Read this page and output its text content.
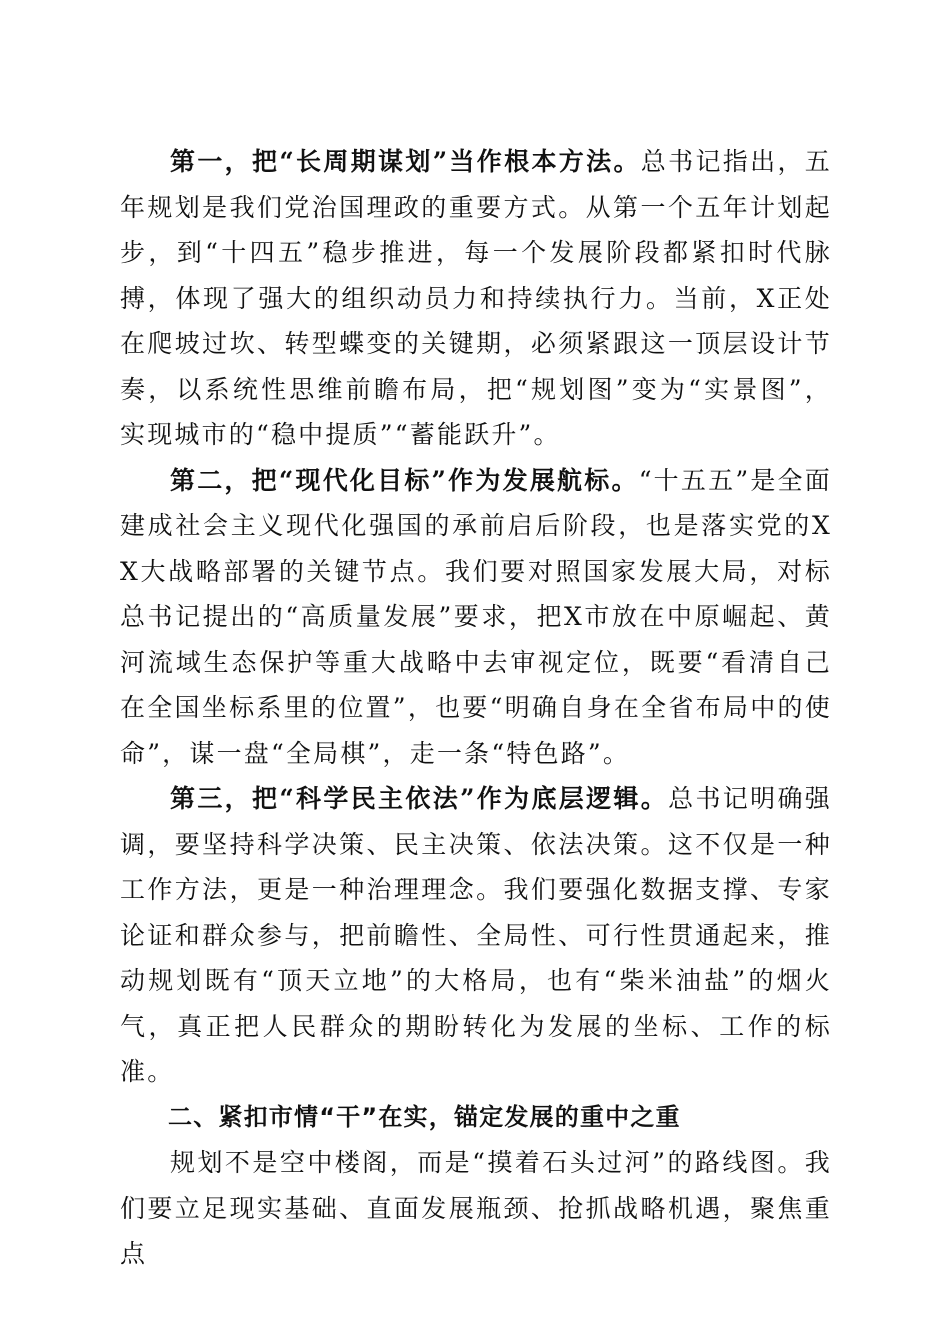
第一，把“长周期谋划”当作根本方法。总书记指出，五年规划是我们党治国理政的重要方式。从第一个五年计划起步，到“十四五”稳步推进，每一个发展阶段都紧扣时代脉搏，体现了强大的组织动员力和持续执行力。当前，X正处在爬坡过坎、转型蝶变的关键期，必须紧跟这一顶层设计节奏，以系统性思维前瞻布局，把“规划图”变为“实景图”，实现城市的“稳中提质”“蓄能跃升”。

第二，把“现代化目标”作为发展航标。“十五五”是全面建成社会主义现代化强国的承前启后阶段，也是落实党的XX大战略部署的关键节点。我们要对照国家发展大局，对标总书记提出的“高质量发展”要求，把X市放在中原崛起、黄河流域生态保护等重大战略中去审视定位，既要“看清自己在全国坐标系里的位置”，也要“明确自身在全省布局中的使命”，谋一盘“全局棋”，走一条“特色路”。

第三，把“科学民主依法”作为底层逻辑。总书记明确强调，要坚持科学决策、民主决策、依法决策。这不仅是一种工作方法，更是一种治理理念。我们要强化数据支撑、专家论证和群众参与，把前瞻性、全局性、可行性贯通起来，推动规划既有“顶天立地”的大格局，也有“柴米油盐”的烟火气，真正把人民群众的期盼转化为发展的坐标、工作的标准。

二、紧扣市情“干”在实，锚定发展的重中之重

规划不是空中楼阁，而是“摸着石头过河”的路线图。我们要立足现实基础、直面发展瓶颈、抢抓战略机遇，聚焦重点
